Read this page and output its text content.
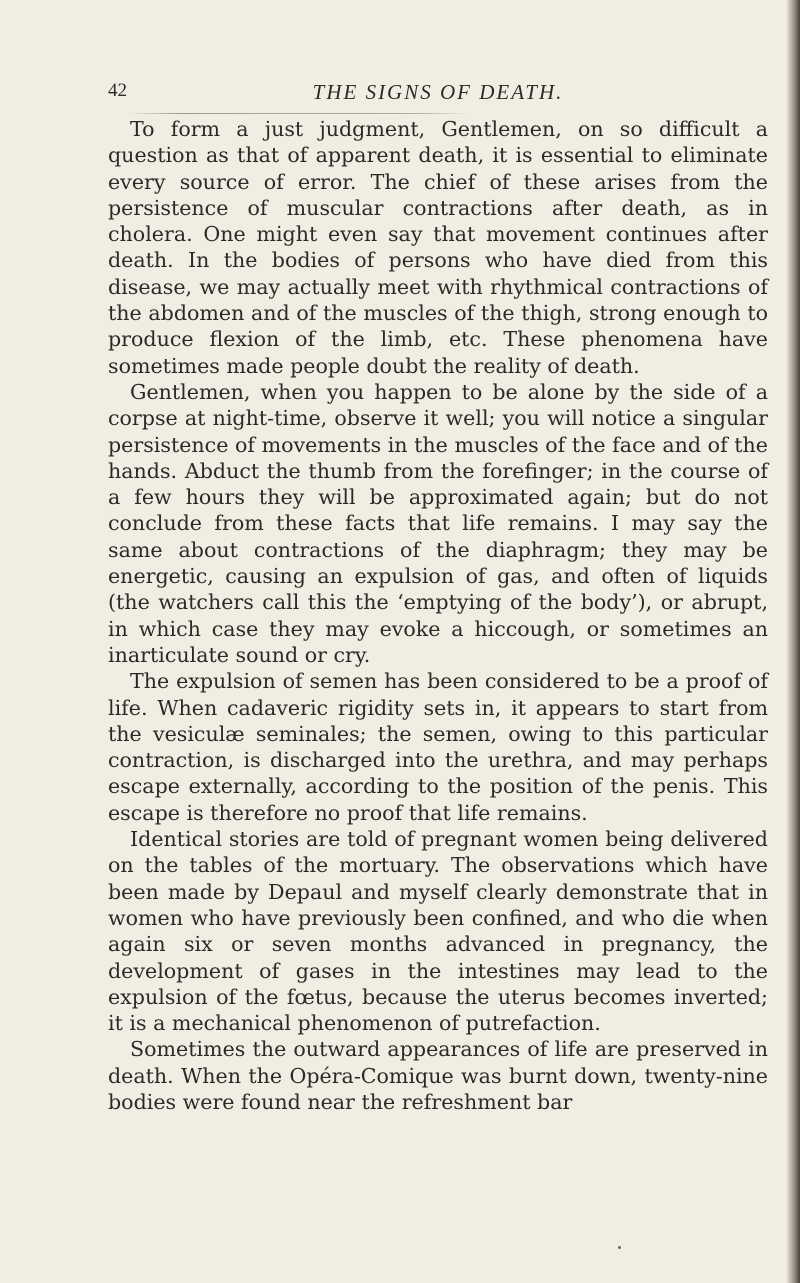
42	THE SIGNS OF DEATH.

To form a just judgment, Gentlemen, on so difficult a question as that of apparent death, it is essential to eliminate every source of error. The chief of these arises from the persistence of muscular contractions after death, as in cholera. One might even say that movement continues after death. In the bodies of persons who have died from this disease, we may actually meet with rhythmical contractions of the abdomen and of the muscles of the thigh, strong enough to produce flexion of the limb, etc. These phenomena have sometimes made people doubt the reality of death.

Gentlemen, when you happen to be alone by the side of a corpse at night-time, observe it well; you will notice a singular persistence of movements in the muscles of the face and of the hands. Abduct the thumb from the forefinger; in the course of a few hours they will be approximated again; but do not conclude from these facts that life remains. I may say the same about contractions of the diaphragm; they may be energetic, causing an expulsion of gas, and often of liquids (the watchers call this the ‘emptying of the body’), or abrupt, in which case they may evoke a hiccough, or sometimes an inarticulate sound or cry.

The expulsion of semen has been considered to be a proof of life. When cadaveric rigidity sets in, it appears to start from the vesiculæ seminales; the semen, owing to this particular contraction, is discharged into the urethra, and may perhaps escape externally, according to the position of the penis. This escape is therefore no proof that life remains.

Identical stories are told of pregnant women being delivered on the tables of the mortuary. The observations which have been made by Depaul and myself clearly demonstrate that in women who have previously been confined, and who die when again six or seven months advanced in pregnancy, the development of gases in the intestines may lead to the expulsion of the fœtus, because the uterus becomes inverted; it is a mechanical phenomenon of putrefaction.

Sometimes the outward appearances of life are preserved in death. When the Opéra-Comique was burnt down, twenty-nine bodies were found near the refreshment bar
